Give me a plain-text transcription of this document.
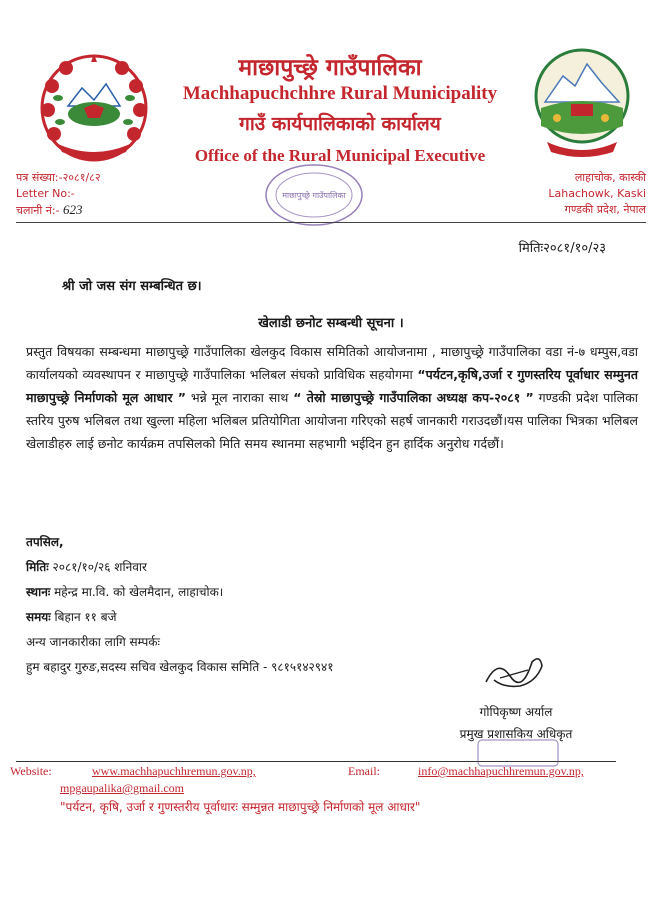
माछापुच्छ्रे गाउँपालिका
Machhapuchchhre Rural Municipality
गाउँ कार्यपालिकाको कार्यालय
Office of the Rural Municipal Executive
माछापुच्छ्रे गाउँपालिका
पत्र संख्या:-२०८१/८२
Letter No:-
चलानी नं:- 623
लाहाचोक, कास्की
Lahachowk, Kaski
गण्डकी प्रदेश, नेपाल
मितिः२०८१/१०/२३
श्री जो जस संग सम्बन्धित छ।
खेलाडी छनोट सम्बन्धी सूचना ।
प्रस्तुत विषयका सम्बन्धमा माछापुच्छ्रे गाउँपालिका खेलकुद विकास समितिको आयोजनामा , माछापुच्छ्रे गाउँपालिका वडा नं-७ धम्पुस,वडा कार्यालयको व्यवस्थापन र माछापुच्छ्रे गाउँपालिका भलिबल संघको प्राविधिक सहयोगमा “पर्यटन,कृषि,उर्जा र गुणस्तरिय पूर्वाधार सम्मुनत माछापुच्छ्रे निर्माणको मूल आधार ” भन्ने मूल नाराका साथ “ तेस्रो माछापुच्छ्रे गाउँपालिका अध्यक्ष कप-२०८१ ” गण्डकी प्रदेश पालिका स्तरिय पुरुष भलिबल तथा खुल्ला महिला भलिबल प्रतियोगिता आयोजना गरिएको सहर्ष जानकारी गराउदछौं।यस पालिका भित्रका भलिबल खेलाडीहरु लाई छनोट कार्यक्रम तपसिलको मिति समय स्थानमा सहभागी भईदिन हुन हार्दिक अनुरोध गर्दछौं।
तपसिल,
मितिः २०८१/१०/२६ शनिवार
स्थानः महेन्द्र मा.वि. को खेलमैदान, लाहाचोक।
समयः बिहान ११ बजे
अन्य जानकारीका लागि सम्पर्कः
हुम बहादुर गुरुङ,सदस्य सचिव खेलकुद विकास समिति - ९८१५१४२९४१
गोपिकृष्ण अर्याल
प्रमुख प्रशासकिय अधिकृत
Website:	www.machhapuchhremun.gov.np,	Email:	info@machhapuchhremun.gov.np,
mpgaupalika@gmail.com
"पर्यटन, कृषि, उर्जा र गुणस्तरीय पूर्वाधारः सम्मुन्नत माछापुच्छ्रे निर्माणको मूल आधार"
